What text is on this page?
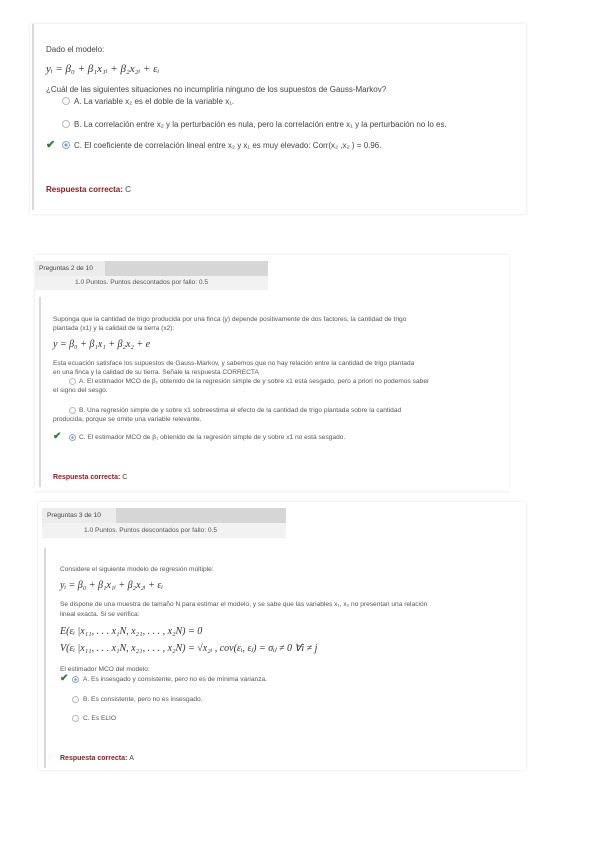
Dado el modelo:
yᵢ = β₀ + β₁x₁ᵢ + β₂x₂ᵢ + εᵢ
¿Cuál de las siguientes situaciones no incumpliría ninguno de los supuestos de Gauss-Markov?
A. La variable x₂ es el doble de la variable x₁.
B. La correlación entre x₂ y la perturbación es nula, pero la correlación entre x₁ y la perturbación no lo es.
✔ C. El coeficiente de correlación lineal entre x₂ y x₁ es muy elevado: Corr(x₂ ,x₂ ) = 0.96.
Respuesta correcta: C
Preguntas 2 de 10
1.0 Puntos. Puntos descontados por fallo: 0.5
Suponga que la cantidad de trigo producida por una finca (y) depende positivamente de dos factores, la cantidad de trigo
plantada (x1) y la calidad de la tierra (x2):
y = β₀ + β₁x₁ + β₂x₂ + e
Esta ecuación satisface los supuestos de Gauss-Markov, y sabemos que no hay relación entre la cantidad de trigo plantada
en una finca y la calidad de su tierra. Señale la respuesta CORRECTA
A. El estimador MCO de β₁ obtenido de la regresión simple de y sobre x1 está sesgado, pero a priori no podemos saber
el signo del sesgo.
B. Una regresión simple de y sobre x1 sobreestima el efecto de la cantidad de trigo plantada sobre la cantidad
producida, porque se omite una variable relevante.
✔	C. El estimador MCO de β₁ obtenido de la regresión simple de y sobre x1 no está sesgado.
Respuesta correcta: C
Preguntas 3 de 10
1.0 Puntos. Puntos descontados por fallo: 0.5
Considere el siguiente modelo de regresión múltiple:
yᵢ = β₀ + β₁x₁ᵢ + β₂x₂ᵢ + εᵢ
Se dispone de una muestra de tamaño N para estimar el modelo, y se sabe que las variables x₁, x₂ no presentan una relación
lineal exacta. Si se verifica:
E(εᵢ |x₁₁, . . . x₁N, x₂₁, . . . , x₂N) = 0
V(εᵢ |x₁₁, . . . x₁N, x₂₁, . . . , x₂N) = √x₂ᵢ , cov(εᵢ, εⱼ) = σᵢⱼ ≠ 0 ∀i ≠ j
El estimador MCO del modelo:
✔ A. Es insesgado y consistente, pero no es de mínima varianza.
B. Es consistente, pero no es insesgado.
C. Es ELIO
Respuesta correcta: A
